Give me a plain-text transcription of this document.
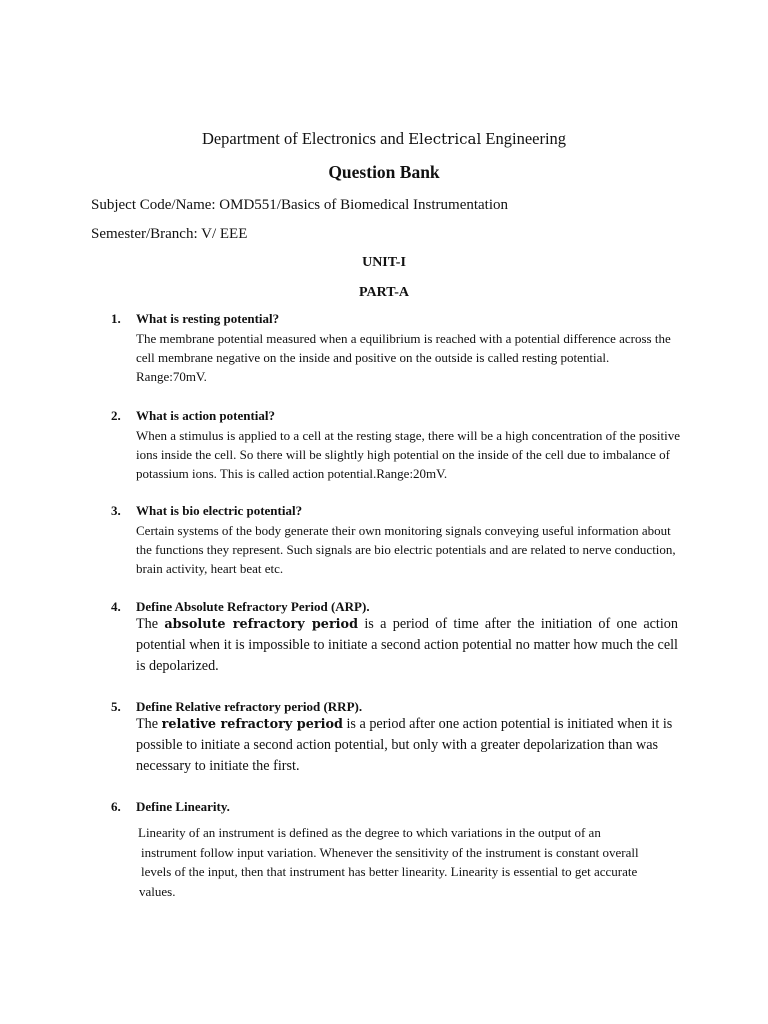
Department of Electronics and Electrical Engineering
Question Bank
Subject Code/Name: OMD551/Basics of Biomedical Instrumentation
Semester/Branch: V/ EEE
UNIT-I
PART-A
1. What is resting potential?
The membrane potential measured when a equilibrium is reached with a potential difference across the cell membrane negative on the inside and positive on the outside is called resting potential. Range:70mV.
2. What is action potential?
When a stimulus is applied to a cell at the resting stage, there will be a high concentration of the positive ions inside the cell. So there will be slightly high potential on the inside of the cell due to imbalance of potassium ions. This is called action potential.Range:20mV.
3. What is bio electric potential?
Certain systems of the body generate their own monitoring signals conveying useful information about the functions they represent. Such signals are bio electric potentials and are related to nerve conduction, brain activity, heart beat etc.
4. Define Absolute Refractory Period (ARP).
The absolute refractory period is a period of time after the initiation of one action potential when it is impossible to initiate a second action potential no matter how much the cell is depolarized.
5. Define Relative refractory period (RRP).
The relative refractory period is a period after one action potential is initiated when it is possible to initiate a second action potential, but only with a greater depolarization than was necessary to initiate the first.
6. Define Linearity.
Linearity of an instrument is defined as the degree to which variations in the output of an
instrument follow input variation. Whenever the sensitivity of the instrument is constant overall
levels of the input, then that instrument has better linearity. Linearity is essential to get accurate
values.
